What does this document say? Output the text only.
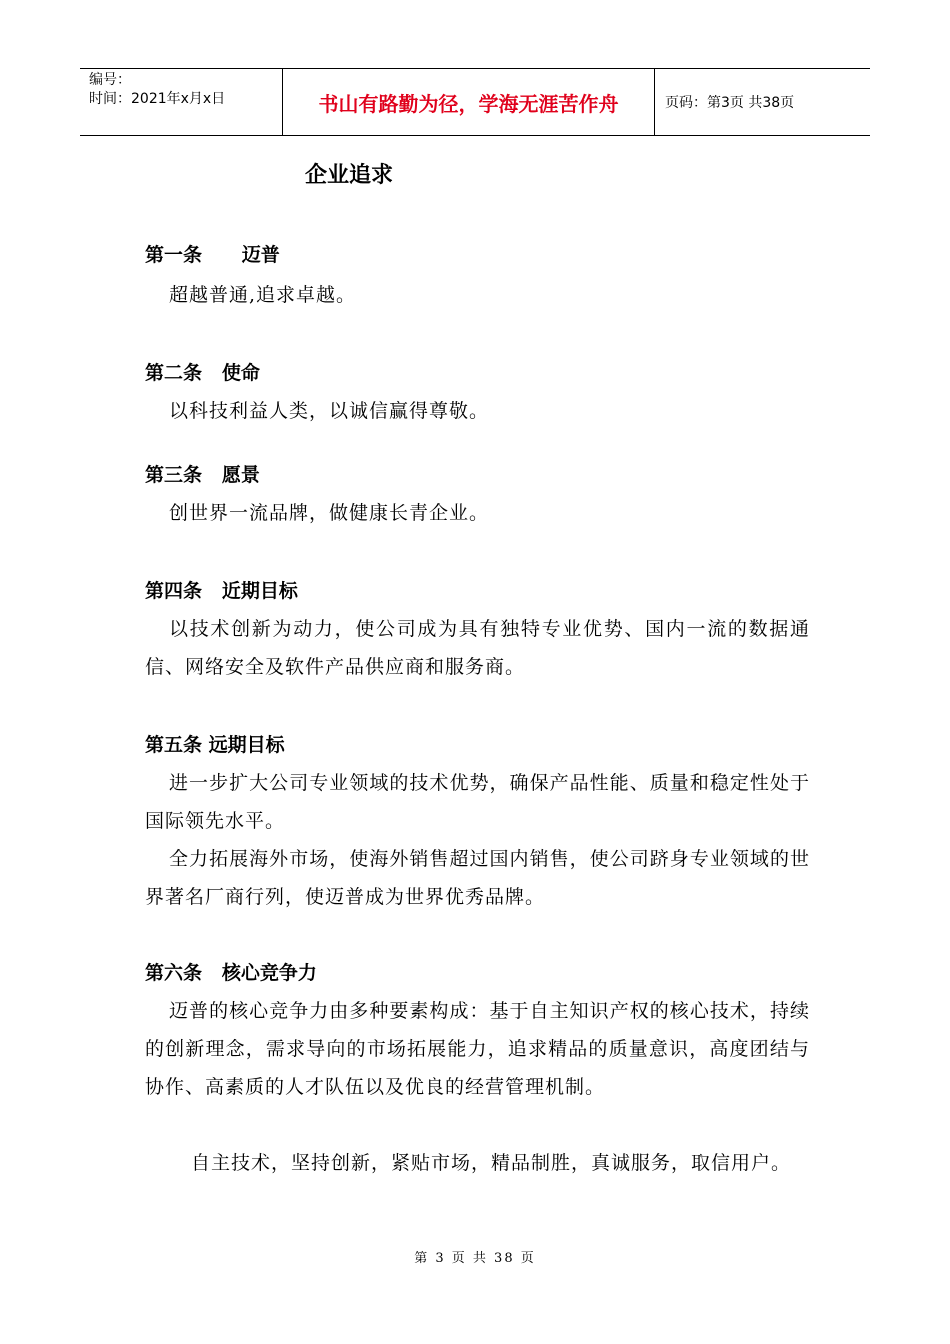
编号：
时间：2021年x月x日	书山有路勤为径，学海无涯苦作舟	页码：第3页 共38页
企业追求
第一条      迈普
超越普通,追求卓越。
第二条   使命
以科技利益人类，以诚信赢得尊敬。
第三条   愿景
创世界一流品牌，做健康长青企业。
第四条   近期目标
以技术创新为动力，使公司成为具有独特专业优势、国内一流的数据通信、网络安全及软件产品供应商和服务商。
第五条 远期目标
进一步扩大公司专业领域的技术优势，确保产品性能、质量和稳定性处于国际领先水平。
全力拓展海外市场，使海外销售超过国内销售，使公司跻身专业领域的世界著名厂商行列，使迈普成为世界优秀品牌。
第六条   核心竞争力
迈普的核心竞争力由多种要素构成：基于自主知识产权的核心技术，持续的创新理念，需求导向的市场拓展能力，追求精品的质量意识，高度团结与协作、高素质的人才队伍以及优良的经营管理机制。
自主技术，坚持创新，紧贴市场，精品制胜，真诚服务，取信用户。
第 3 页 共 38 页
